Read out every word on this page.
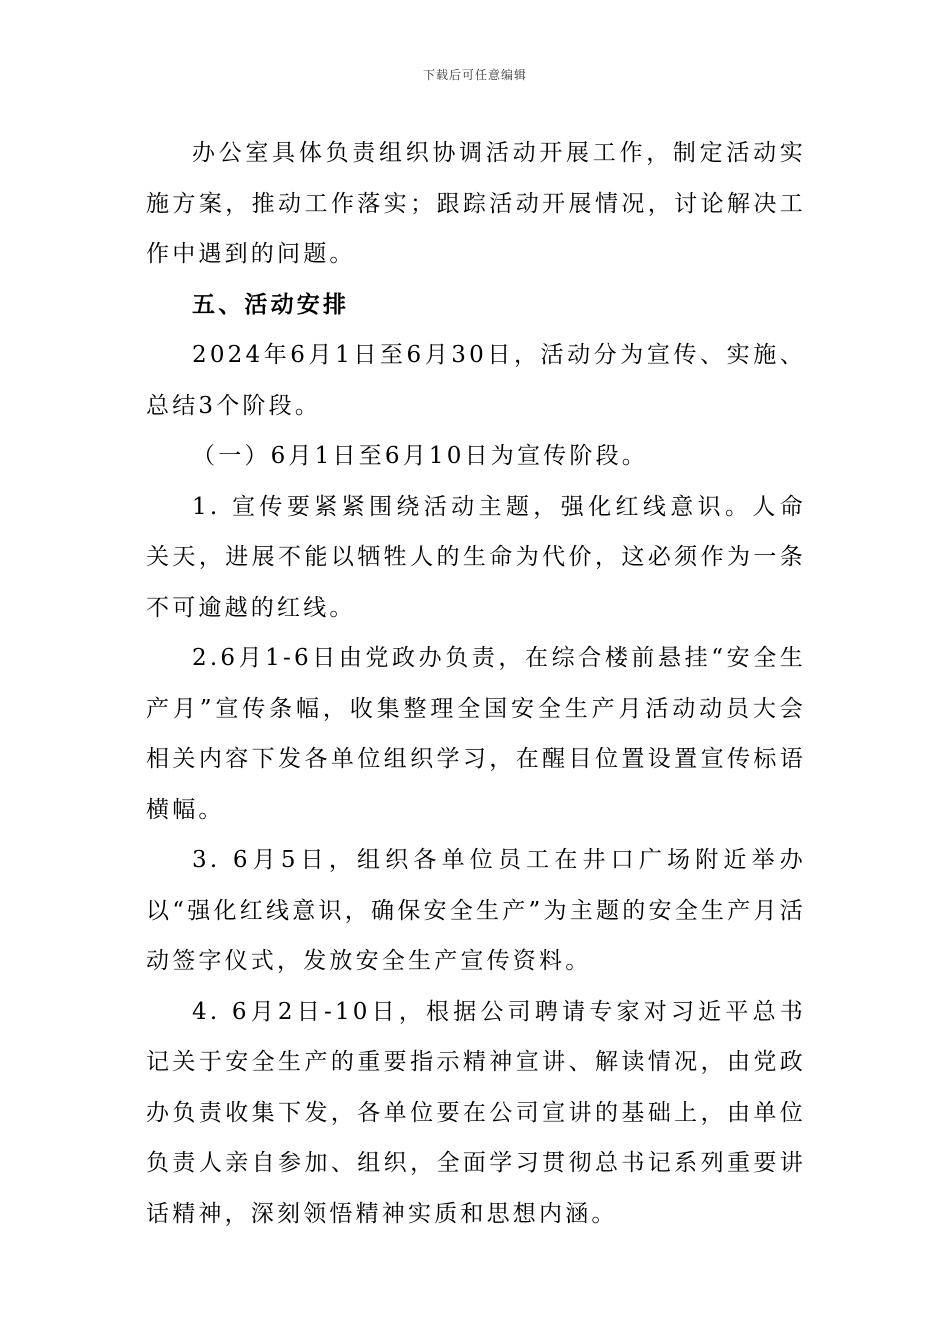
下载后可任意编辑

办公室具体负责组织协调活动开展工作，制定活动实施方案，推动工作落实；跟踪活动开展情况，讨论解决工作中遇到的问题。

五、活动安排

2024年6月1日至6月30日，活动分为宣传、实施、总结3个阶段。

（一）6月1日至6月10日为宣传阶段。

1. 宣传要紧紧围绕活动主题，强化红线意识。人命关天，进展不能以牺牲人的生命为代价，这必须作为一条不可逾越的红线。

2.6月1-6日由党政办负责，在综合楼前悬挂“安全生产月”宣传条幅，收集整理全国安全生产月活动动员大会相关内容下发各单位组织学习，在醒目位置设置宣传标语横幅。

3. 6月5日，组织各单位员工在井口广场附近举办以“强化红线意识，确保安全生产”为主题的安全生产月活动签字仪式，发放安全生产宣传资料。

4. 6月2日-10日，根据公司聘请专家对习近平总书记关于安全生产的重要指示精神宣讲、解读情况，由党政办负责收集下发，各单位要在公司宣讲的基础上，由单位负责人亲自参加、组织，全面学习贯彻总书记系列重要讲话精神，深刻领悟精神实质和思想内涵。
